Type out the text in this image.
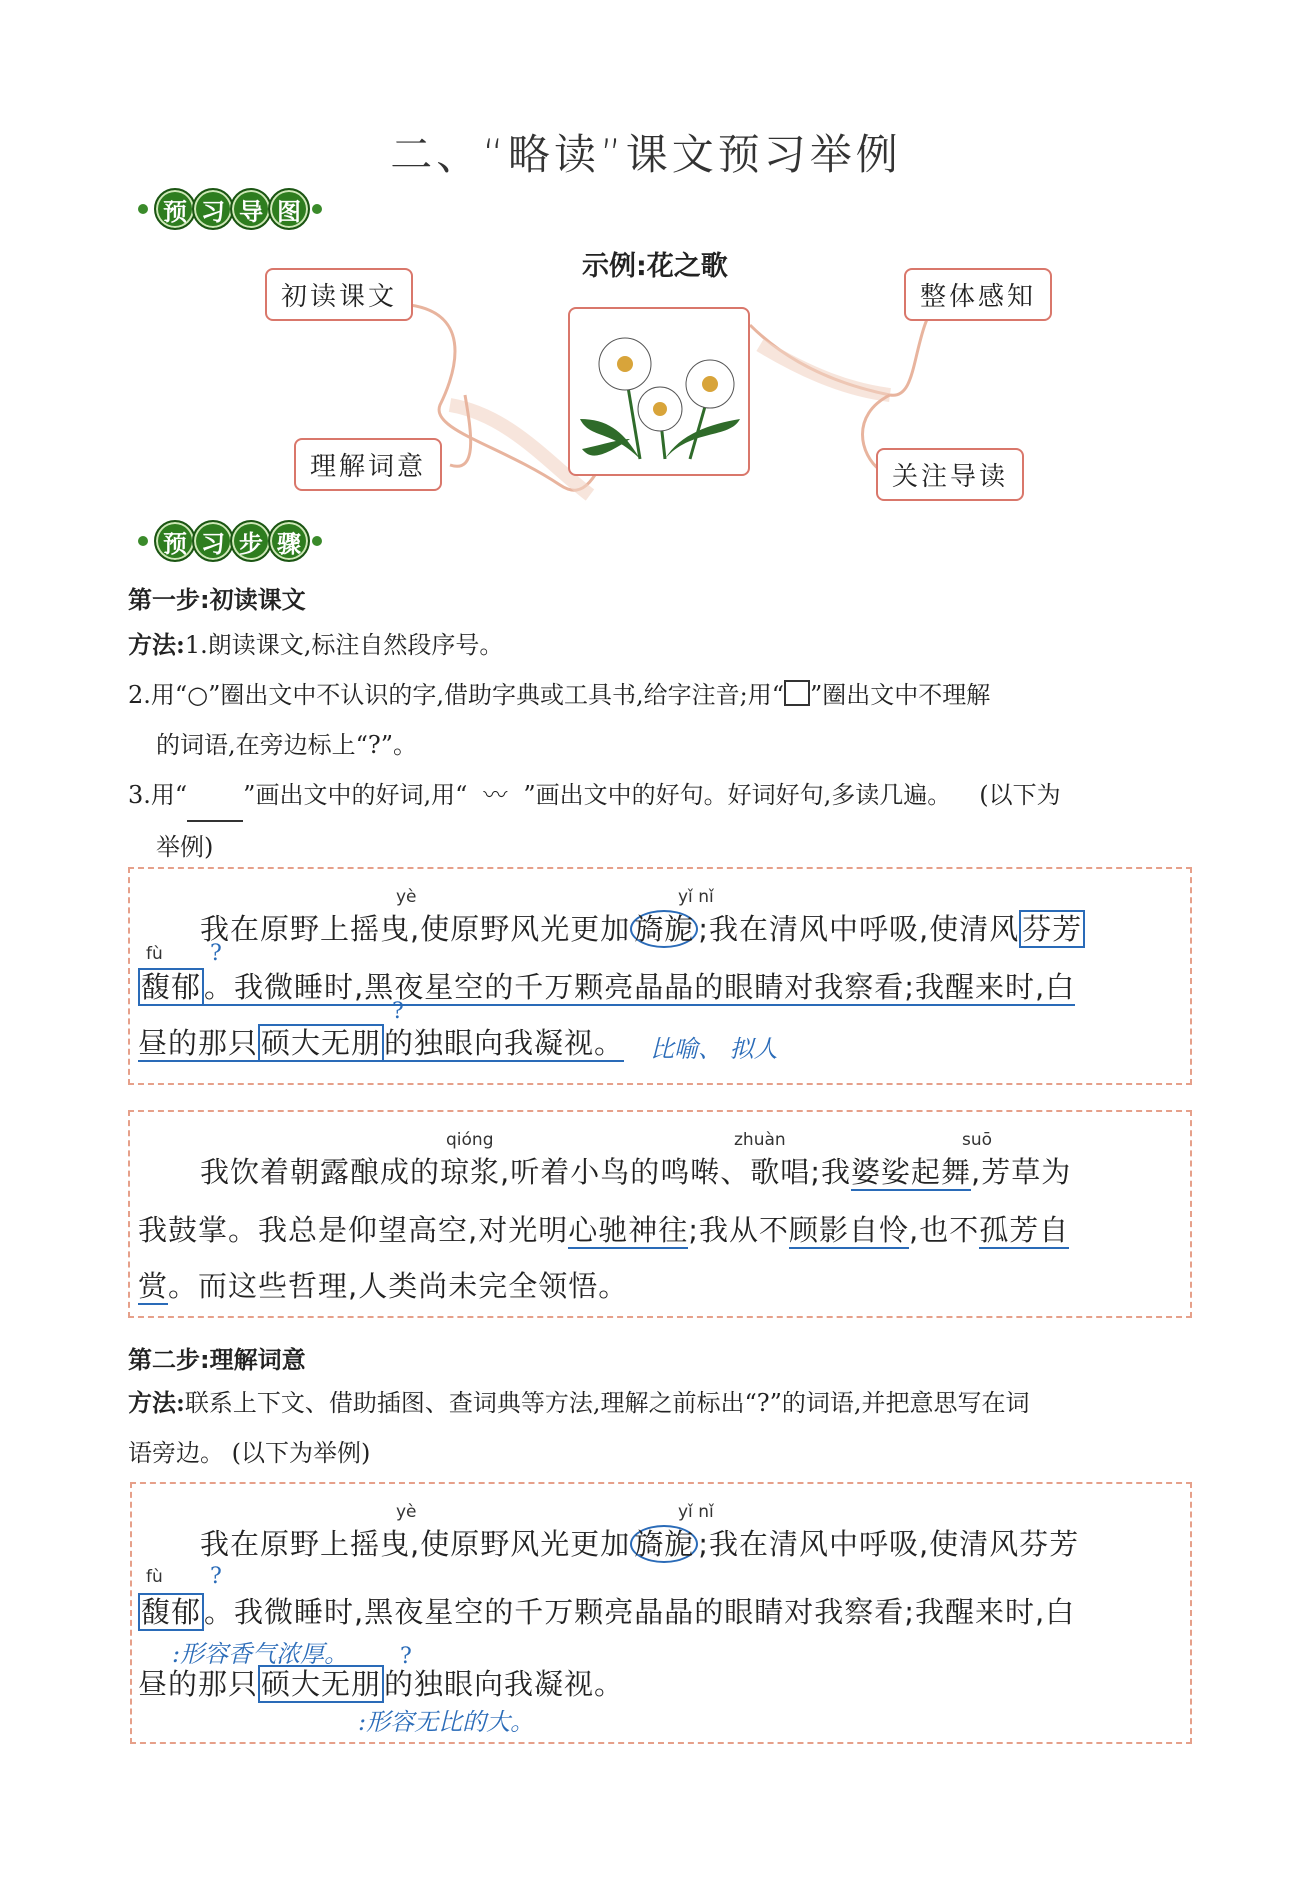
二、“略读”课文预习举例
预 习 导 图
示例:花之歌
初读课文
理解词意
整体感知
关注导读
预 习 步 骤
第一步:初读课文
方法:1.朗读课文,标注自然段序号。
2.用“○”圈出文中不认识的字,借助字典或工具书,给字注音;用“ ”圈出文中不理解
的词语,在旁边标上“?”。
3.用“ ”画出文中的好词,用“ 〰 ”画出文中的好句。好词好句,多读几遍。 (以下为
举例)
yè	yǐ nǐ
我在原野上摇曳,使原野风光更加 旖旎 ;我在清风中呼吸,使清风 芬芳
fù ?
馥郁 。我微睡时,黑夜星空的千万颗亮晶晶的眼睛对我察看;我醒来时,白
?
昼的那只 硕大无朋 的独眼向我凝视。 比喻、 拟人
qióng	zhuàn	suō
我饮着朝露酿成的琼浆,听着小鸟的鸣啭、歌唱;我婆娑起舞,芳草为
我鼓掌。我总是仰望高空,对光明心驰神往;我从不顾影自怜,也不孤芳自
赏。而这些哲理,人类尚未完全领悟。
第二步:理解词意
方法:联系上下文、借助插图、查词典等方法,理解之前标出“?”的词语,并把意思写在词
语旁边。 (以下为举例)
yè	yǐ nǐ
我在原野上摇曳,使原野风光更加 旖旎 ;我在清风中呼吸,使清风芬芳
fù ?
馥郁 。我微睡时,黑夜星空的千万颗亮晶晶的眼睛对我察看;我醒来时,白
:形容香气浓厚。 ?
昼的那只 硕大无朋 的独眼向我凝视。
:形容无比的大。
